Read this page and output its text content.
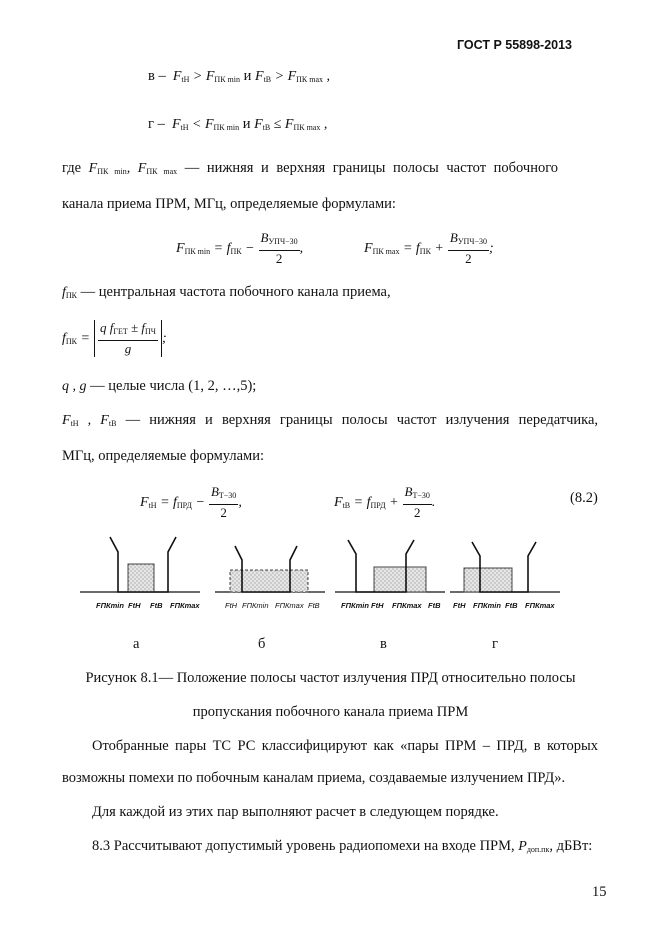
ГОСТ Р 55898-2013
$в - F_{tH} > F_{ПК min}$ и $F_{tB} > F_{ПК max}$ ,
$г - F_{tH} < F_{ПК min}$ и $F_{tB} \le F_{ПК max}$ ,
где $F_{ПК min}$, $F_{ПК max}$ — нижняя и верхняя границы полосы частот побочного
канала приема ПРМ, МГц, определяемые формулами:
$F_{ПК min} = f_{ПК} - \frac{B_{УПЧ-30}}{2}$ ,	$F_{ПК max} = f_{ПК} + \frac{B_{УПЧ-30}}{2}$ ;
$f_{ПК}$ — центральная частота побочного канала приема,
$f_{ПК} = \frac{q f_{ГЕТ} \pm f_{ПЧ}}{g}$ ;
q , g — целые числа (1, 2, …,5);
$F_{tH}$ , $F_{tB}$ — нижняя и верхняя границы полосы частот излучения передатчика,
МГц, определяемые формулами:
$F_{tH} = f_{ПРД} - \frac{B_{T-30}}{2}$ ,	$F_{tB} = f_{ПРД} + \frac{B_{T-30}}{2}$ .	(8.2)
FПКmin FtH FtB FПКmax	FtH FПКmin FПКmax FtB	FПКmin FtH FПКmax FtB FtH FПКmin FtB FПКmax
а	б	в	г
Рисунок 8.1— Положение полосы частот излучения ПРД относительно полосы
пропускания побочного канала приема ПРМ
Отобранные пары ТС РС классифицируют как «пары ПРМ – ПРД, в которых
возможны помехи по побочным каналам приема, создаваемые излучением ПРД».
Для каждой из этих пар выполняют расчет в следующем порядке.
8.3 Рассчитывают допустимый уровень радиопомехи на входе ПРМ, $P_{доп.пк}$, дБВт:
15
